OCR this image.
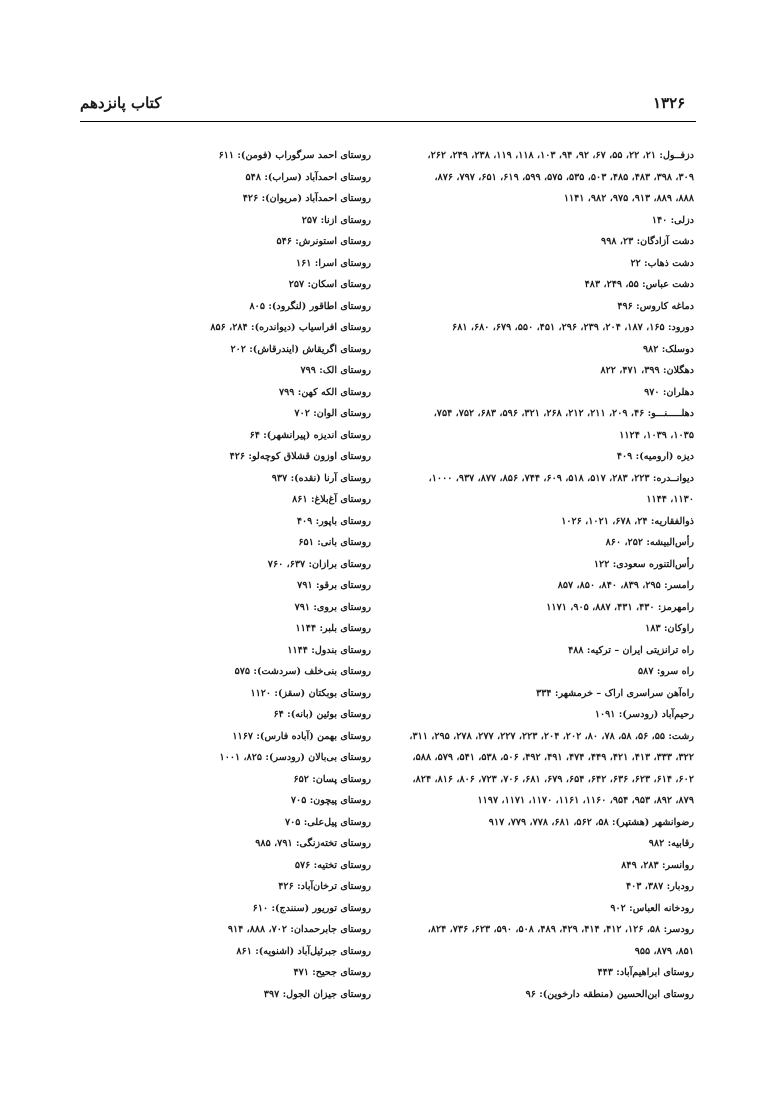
۱۳۲۶
کتاب پانزدهم
دزفــول: ۲۱، ۲۲، ۵۵، ۶۷، ۹۲، ۹۴، ۱۰۳، ۱۱۸، ۱۱۹، ۲۳۸، ۲۴۹، ۲۶۲،
۳۰۹، ۳۹۸، ۴۸۳، ۴۸۵، ۵۰۳، ۵۳۵، ۵۷۵، ۵۹۹، ۶۱۹، ۶۵۱، ۷۹۷، ۸۷۶،
۸۸۸، ۸۸۹، ۹۱۳، ۹۷۵، ۹۸۲، ۱۱۴۱
دزلی: ۱۴۰
دشت آزادگان: ۲۳، ۹۹۸
دشت ذهاب: ۲۲
دشت عباس: ۵۵، ۲۴۹، ۴۸۳
دماغه کاروس: ۴۹۶
دورود: ۱۶۵، ۱۸۷، ۲۰۴، ۲۳۹، ۲۹۶، ۴۵۱، ۵۵۰، ۶۷۹، ۶۸۰، ۶۸۱
دوسلک: ۹۸۲
دهگلان: ۳۹۹، ۴۷۱، ۸۲۲
دهلران: ۹۷۰
دهلـــــنـــو: ۴۶، ۲۰۹، ۲۱۱، ۲۱۲، ۲۶۸، ۳۲۱، ۵۹۶، ۶۸۳، ۷۵۲، ۷۵۴،
۱۰۳۵، ۱۰۳۹، ۱۱۲۴
دیزه (ارومیه): ۴۰۹
دیوانــدره: ۲۲۳، ۲۸۳، ۵۱۷، ۵۱۸، ۶۰۹، ۷۴۴، ۸۵۶، ۸۷۷، ۹۳۷، ۱۰۰۰،
۱۱۳۰، ۱۱۴۴
ذوالفقاریه: ۲۴، ۶۷۸، ۱۰۲۱، ۱۰۲۶
رأس‌البیشه: ۲۵۲، ۸۶۰
رأس‌التنوره سعودی: ۱۲۲
رامسر: ۲۹۵، ۸۳۹، ۸۴۰، ۸۵۰، ۸۵۷
رامهرمز: ۴۳۰، ۴۳۱، ۸۸۷، ۹۰۵، ۱۱۷۱
راوکان: ۱۸۳
راه ترانزیتی ایران – ترکیه: ۴۸۸
راه سرو: ۵۸۷
راه‌آهن سراسری اراک – خرمشهر: ۳۳۴
رحیم‌آباد (رودسر): ۱۰۹۱
رشت: ۵۵، ۵۶، ۵۸، ۷۸، ۸۰، ۲۰۲، ۲۰۴، ۲۲۳، ۲۲۷، ۲۷۷، ۲۷۸، ۲۹۵، ۳۱۱،
۳۲۲، ۳۳۳، ۴۱۳، ۴۲۱، ۴۴۹، ۴۷۴، ۴۹۱، ۴۹۲، ۵۰۶، ۵۳۸، ۵۴۱، ۵۷۹، ۵۸۸،
۶۰۲، ۶۱۴، ۶۲۳، ۶۳۶، ۶۴۲، ۶۵۴، ۶۷۹، ۶۸۱، ۷۰۶، ۷۲۳، ۸۰۶، ۸۱۶، ۸۲۴،
۸۷۹، ۸۹۲، ۹۵۳، ۹۵۴، ۱۱۶۰، ۱۱۶۱، ۱۱۷۰، ۱۱۷۱، ۱۱۹۷
رضوانشهر (هشتپر): ۵۸، ۵۶۲، ۶۸۱، ۷۷۸، ۷۷۹، ۹۱۷
رقابیه: ۹۸۲
روانسر: ۲۸۳، ۸۴۹
رودبار: ۳۸۷، ۴۰۳
رودخانه العباس: ۹۰۲
رودسر: ۵۸، ۱۲۶، ۴۱۲، ۴۱۴، ۴۲۹، ۴۸۹، ۵۰۸، ۵۹۰، ۶۲۳، ۷۳۶، ۸۲۴،
۸۵۱، ۸۷۹، ۹۵۵
روستای ابراهیم‌آباد: ۴۴۳
روستای ابن‌الحسین (منطقه دارخوین): ۹۶
روستای احمد سرگوراب (فومن): ۶۱۱
روستای احمدآباد (سراب): ۵۴۸
روستای احمدآباد (مریوان): ۴۲۶
روستای ازنا: ۲۵۷
روستای استونرش: ۵۴۶
روستای اسرا: ۱۶۱
روستای اسکان: ۲۵۷
روستای اطاقور (لنگرود): ۸۰۵
روستای افراسیاب (دیواندره): ۲۸۴، ۸۵۶
روستای اگریقاش (ایندرقاش): ۲۰۲
روستای الک: ۷۹۹
روستای الکه کهن: ۷۹۹
روستای الوان: ۷۰۲
روستای اندیزه (پیرانشهر): ۶۴
روستای اوزون قشلاق کوچه‌لو: ۴۲۶
روستای آرنا (نقده): ۹۳۷
روستای آغ‌بلاغ: ۸۶۱
روستای باپور: ۴۰۹
روستای بانی: ۶۵۱
روستای برازان: ۶۳۷، ۷۶۰
روستای برقو: ۷۹۱
روستای بروی: ۷۹۱
روستای بلبر: ۱۱۴۴
روستای بندول: ۱۱۴۴
روستای بنی‌خلف (سردشت): ۵۷۵
روستای بوبکتان (سقز): ۱۱۲۰
روستای بوئین (بانه): ۶۴
روستای بهمن (آباده فارس): ۱۱۶۷
روستای بی‌بالان (رودسر): ۸۲۵، ۱۰۰۱
روستای پسان: ۶۵۲
روستای پیچون: ۷۰۵
روستای پیل‌علی: ۷۰۵
روستای تخته‌زنگی: ۷۹۱، ۹۸۵
روستای تختیه: ۵۷۶
روستای ترخان‌آباد: ۴۲۶
روستای توریور (سنندج): ۶۱۰
روستای جابرحمدان: ۷۰۲، ۸۸۸، ۹۱۴
روستای جبرئیل‌آباد (اشنویه): ۸۶۱
روستای جحیح: ۴۷۱
روستای جیزان الجول: ۳۹۷
